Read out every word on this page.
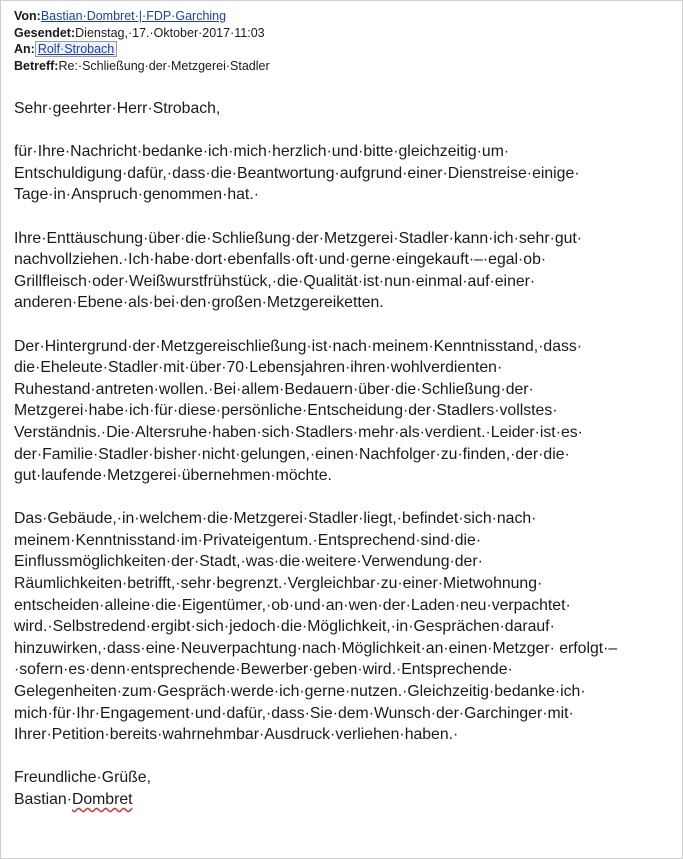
Von:Bastian·Dombret·|·FDP·Garching
Gesendet:Dienstag,·17.·Oktober·2017·11:03
An: Rolf·Strobach
Betreff:Re:·Schließung·der·Metzgerei·Stadler

Sehr·geehrter·Herr·Strobach,

für·Ihre·Nachricht·bedanke·ich·mich·herzlich·und·bitte·gleichzeitig·um· Entschuldigung·dafür,·dass·die·Beantwortung·aufgrund·einer·Dienstreise·einige· Tage·in·Anspruch·genommen·hat.·

Ihre·Enttäuschung·über·die·Schließung·der·Metzgerei·Stadler·kann·ich·sehr·gut· nachvollziehen.·Ich·habe·dort·ebenfalls·oft·und·gerne·eingekauft·–·egal·ob· Grillfleisch·oder·Weißwurstfrühstück,·die·Qualität·ist·nun·einmal·auf·einer· anderen·Ebene·als·bei·den·großen·Metzgereiketten.

Der·Hintergrund·der·Metzgereischließung·ist·nach·meinem·Kenntnisstand,·dass· die·Eheleute·Stadler·mit·über·70·Lebensjahren·ihren·wohlverdienten· Ruhestand·antreten·wollen.·Bei·allem·Bedauern·über·die·Schließung·der· Metzgerei·habe·ich·für·diese·persönliche·Entscheidung·der·Stadlers·vollstes· Verständnis.·Die·Altersruhe·haben·sich·Stadlers·mehr·als·verdient.·Leider·ist·es· der·Familie·Stadler·bisher·nicht·gelungen,·einen·Nachfolger·zu·finden,·der·die· gut·laufende·Metzgerei·übernehmen·möchte.

Das·Gebäude,·in·welchem·die·Metzgerei·Stadler·liegt,·befindet·sich·nach· meinem·Kenntnisstand·im·Privateigentum.·Entsprechend·sind·die· Einflussmöglichkeiten·der·Stadt,·was·die·weitere·Verwendung·der· Räumlichkeiten·betrifft,·sehr·begrenzt.·Vergleichbar·zu·einer·Mietwohnung· entscheiden·alleine·die·Eigentümer,·ob·und·an·wen·der·Laden·neu·verpachtet· wird.·Selbstredend·ergibt·sich·jedoch·die·Möglichkeit,·in·Gesprächen·darauf· hinzuwirken,·dass·eine·Neuverpachtung·nach·Möglichkeit·an·einen·Metzger· erfolgt·–·sofern·es·denn·entsprechende·Bewerber·geben·wird.·Entsprechende· Gelegenheiten·zum·Gespräch·werde·ich·gerne·nutzen.·Gleichzeitig·bedanke·ich· mich·für·Ihr·Engagement·und·dafür,·dass·Sie·dem·Wunsch·der·Garchinger·mit· Ihrer·Petition·bereits·wahrnehmbar·Ausdruck·verliehen·haben.·

Freundliche·Grüße,
Bastian·Dombret
